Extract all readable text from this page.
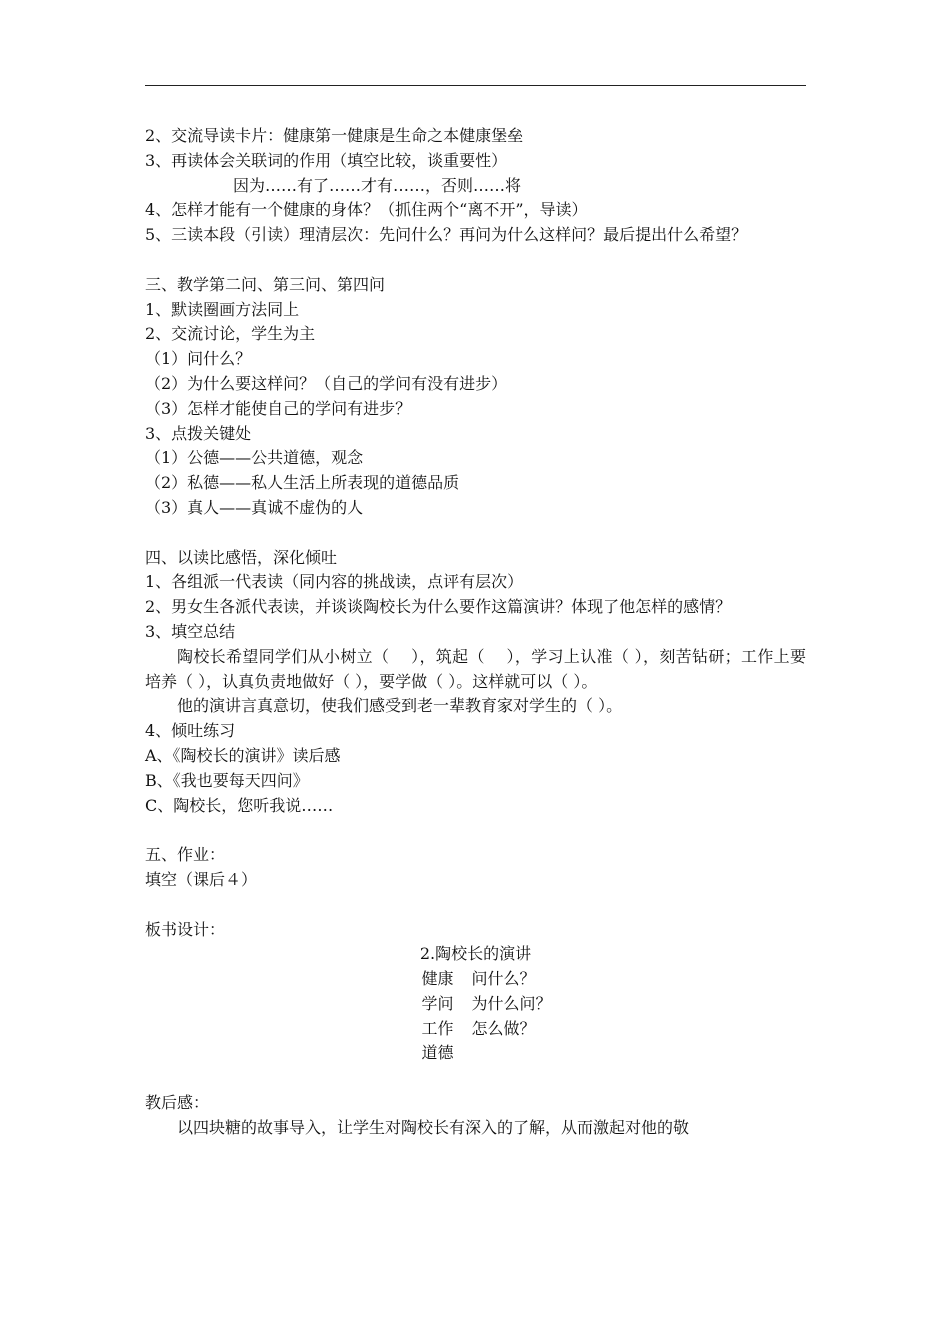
2、交流导读卡片：健康第一健康是生命之本健康堡垒

3、再读体会关联词的作用（填空比较，谈重要性）

因为……有了……才有……，否则……将

4、怎样才能有一个健康的身体？（抓住两个“离不开”，导读）

5、三读本段（引读）理清层次：先问什么？再问为什么这样问？最后提出什么希望？

三、教学第二问、第三问、第四问

1、默读圈画方法同上

2、交流讨论，学生为主

（1）问什么？

（2）为什么要这样问？（自己的学问有没有进步）

（3）怎样才能使自己的学问有进步？

3、点拨关键处

（1）公德——公共道德，观念

（2）私德——私人生活上所表现的道德品质

（3）真人——真诚不虚伪的人

四、以读比感悟，深化倾吐

1、各组派一代表读（同内容的挑战读，点评有层次）

2、男女生各派代表读，并谈谈陶校长为什么要作这篇演讲？体现了他怎样的感情？

3、填空总结

陶校长希望同学们从小树立（　 ），筑起（　 ），学习上认准（ ），刻苦钻研；工作上要培养（ ），认真负责地做好（ ），要学做（ ）。这样就可以（ ）。

他的演讲言真意切，使我们感受到老一辈教育家对学生的（ ）。

4、倾吐练习

A、《陶校长的演讲》读后感

B、《我也要每天四问》

C、陶校长，您听我说……

五、作业：

填空（课后４）

板书设计：

2.陶校长的演讲

健康	问什么？
学问	为什么问？
工作	怎么做？
道德

教后感：

以四块糖的故事导入，让学生对陶校长有深入的了解，从而激起对他的敬
